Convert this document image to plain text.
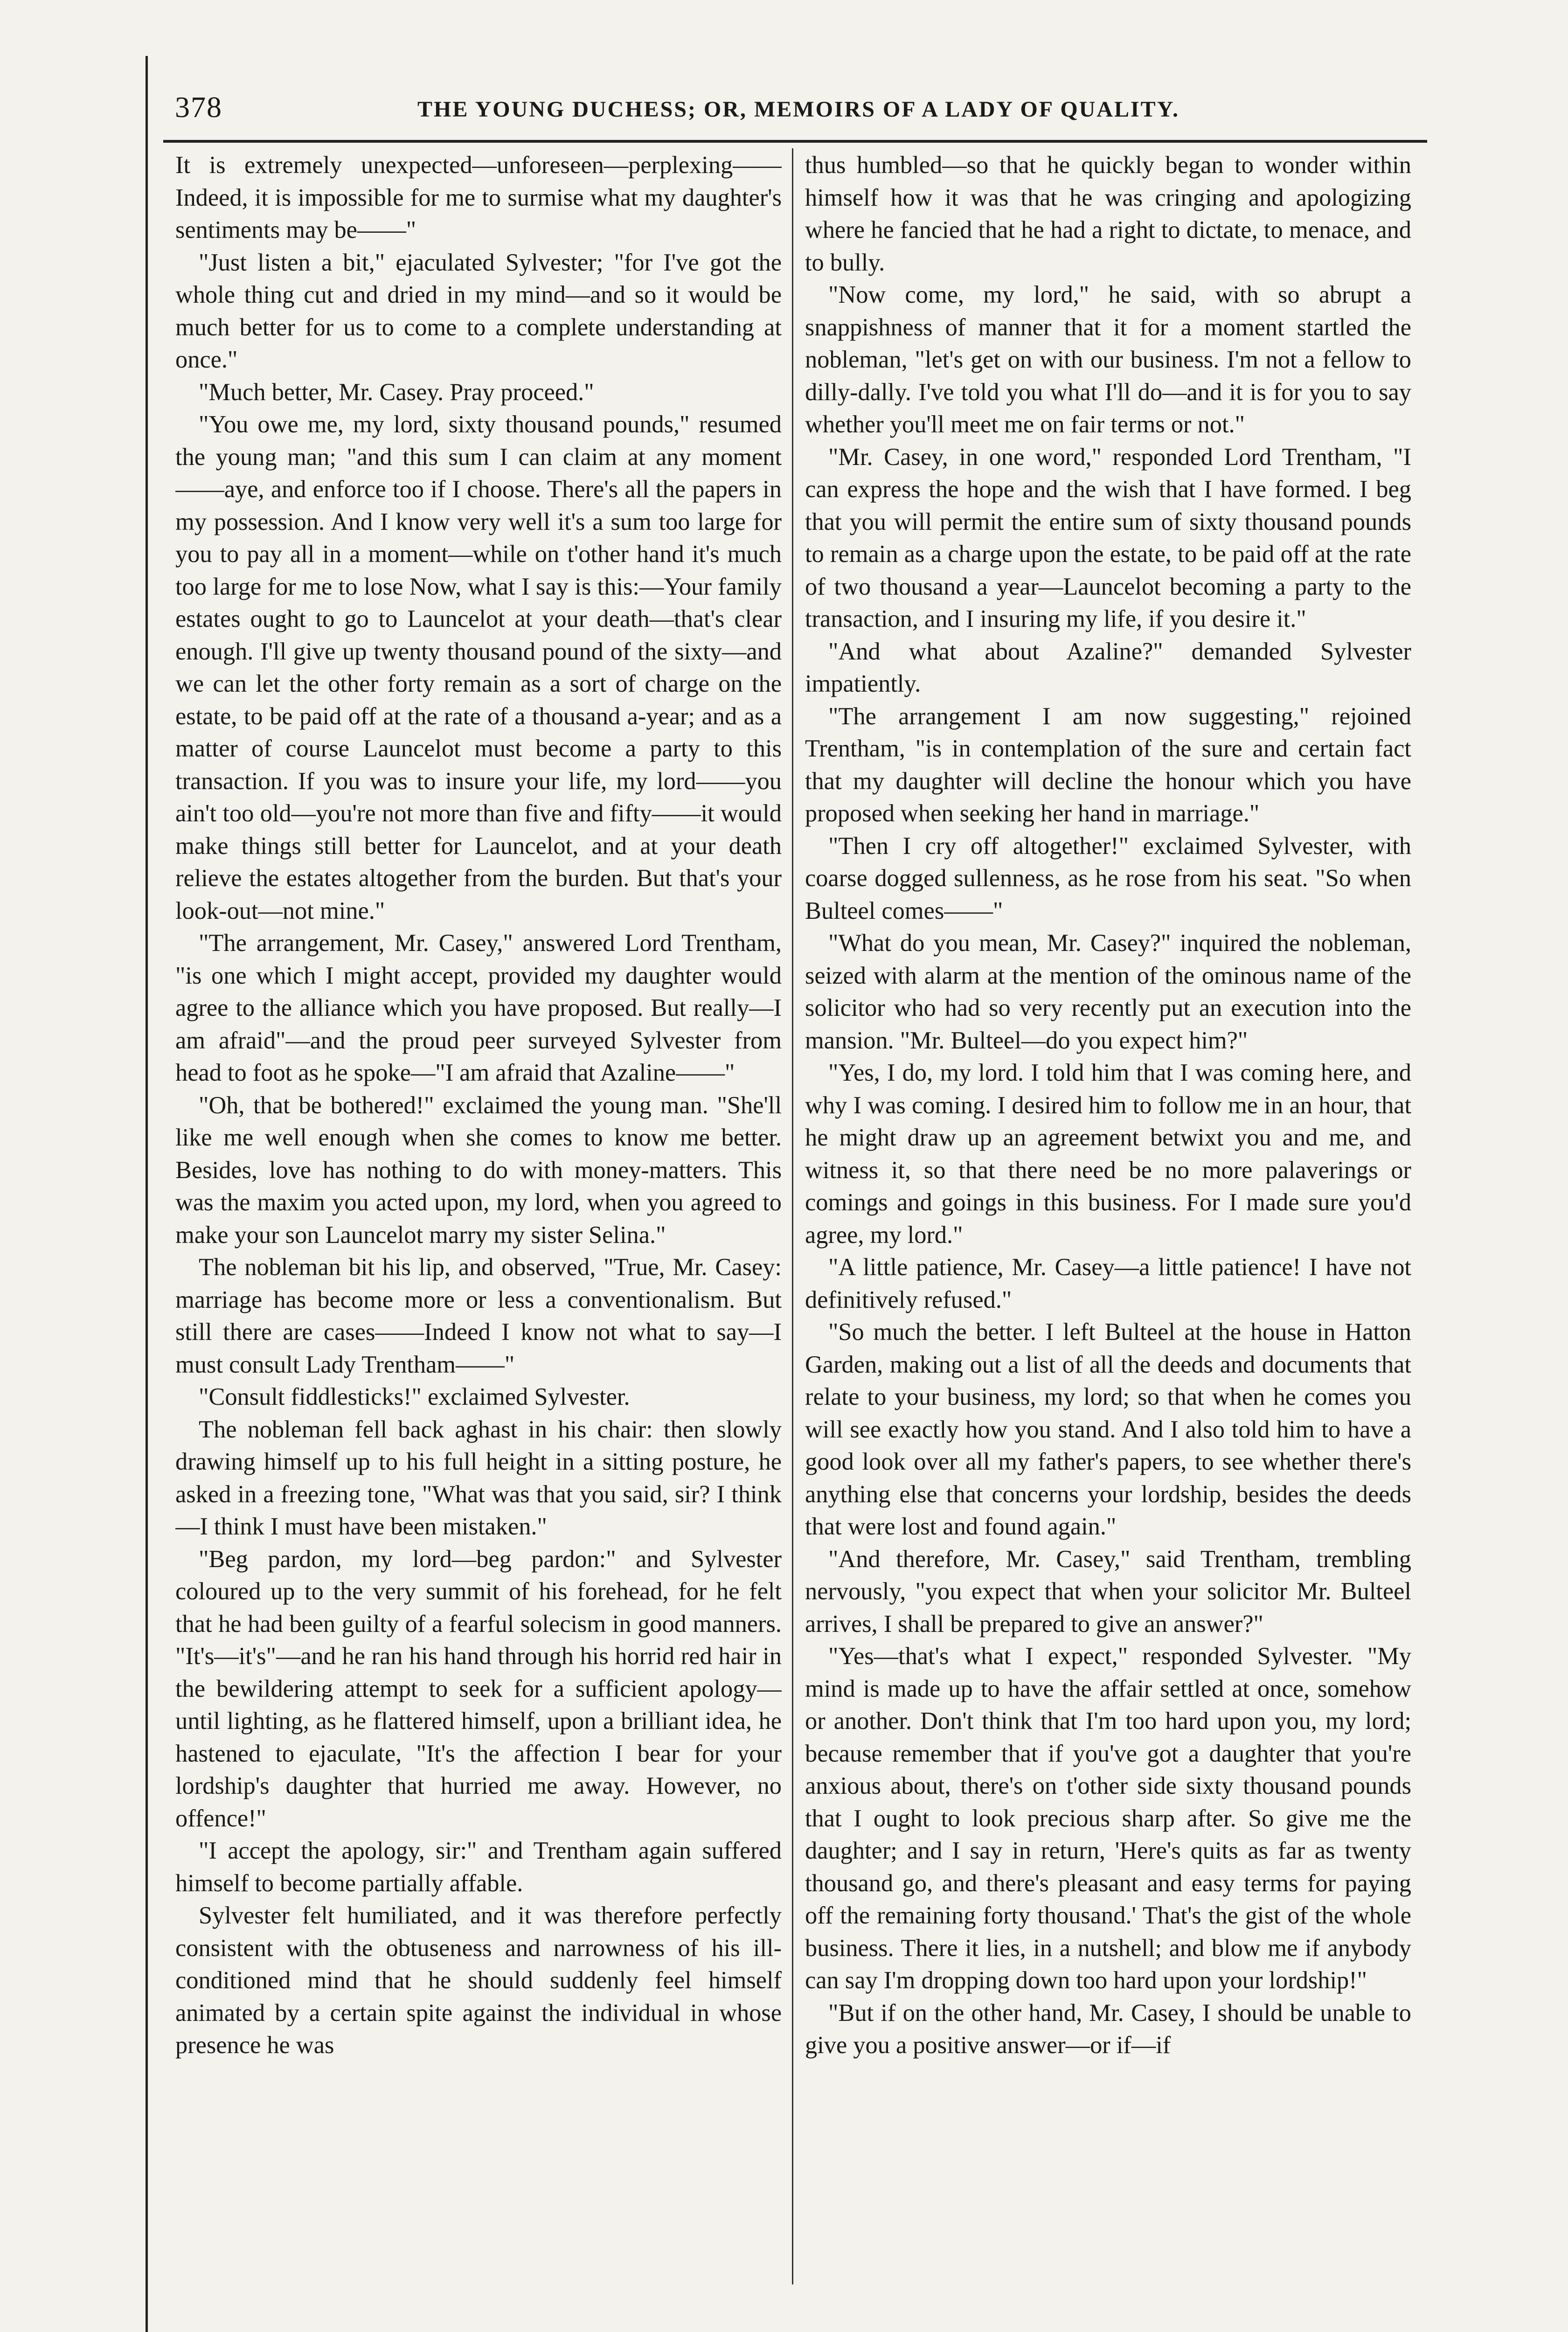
378	THE YOUNG DUCHESS; OR, MEMOIRS OF A LADY OF QUALITY.

It is extremely unexpected—unforeseen—perplexing——Indeed, it is impossible for me to surmise what my daughter's sentiments may be——"

"Just listen a bit," ejaculated Sylvester; "for I've got the whole thing cut and dried in my mind—and so it would be much better for us to come to a complete understanding at once."

"Much better, Mr. Casey. Pray proceed."

"You owe me, my lord, sixty thousand pounds," resumed the young man; "and this sum I can claim at any moment——aye, and enforce too if I choose. There's all the papers in my possession. And I know very well it's a sum too large for you to pay all in a moment—while on t'other hand it's much too large for me to lose Now, what I say is this:—Your family estates ought to go to Launcelot at your death—that's clear enough. I'll give up twenty thousand pound of the sixty—and we can let the other forty remain as a sort of charge on the estate, to be paid off at the rate of a thousand a-year; and as a matter of course Launcelot must become a party to this transaction. If you was to insure your life, my lord——you ain't too old—you're not more than five and fifty——it would make things still better for Launcelot, and at your death relieve the estates altogether from the burden. But that's your look-out—not mine."

"The arrangement, Mr. Casey," answered Lord Trentham, "is one which I might accept, provided my daughter would agree to the alliance which you have proposed. But really—I am afraid"—and the proud peer surveyed Sylvester from head to foot as he spoke—"I am afraid that Azaline——"

"Oh, that be bothered!" exclaimed the young man. "She'll like me well enough when she comes to know me better. Besides, love has nothing to do with money-matters. This was the maxim you acted upon, my lord, when you agreed to make your son Launcelot marry my sister Selina."

The nobleman bit his lip, and observed, "True, Mr. Casey: marriage has become more or less a conventionalism. But still there are cases——Indeed I know not what to say—I must consult Lady Trentham——"

"Consult fiddlesticks!" exclaimed Sylvester.

The nobleman fell back aghast in his chair: then slowly drawing himself up to his full height in a sitting posture, he asked in a freezing tone, "What was that you said, sir? I think—I think I must have been mistaken."

"Beg pardon, my lord—beg pardon:" and Sylvester coloured up to the very summit of his forehead, for he felt that he had been guilty of a fearful solecism in good manners. "It's—it's"—and he ran his hand through his horrid red hair in the bewildering attempt to seek for a sufficient apology—until lighting, as he flattered himself, upon a brilliant idea, he hastened to ejaculate, "It's the affection I bear for your lordship's daughter that hurried me away. However, no offence!"

"I accept the apology, sir:" and Trentham again suffered himself to become partially affable.

Sylvester felt humiliated, and it was therefore perfectly consistent with the obtuseness and narrowness of his ill-conditioned mind that he should suddenly feel himself animated by a certain spite against the individual in whose presence he was

thus humbled—so that he quickly began to wonder within himself how it was that he was cringing and apologizing where he fancied that he had a right to dictate, to menace, and to bully.

"Now come, my lord," he said, with so abrupt a snappishness of manner that it for a moment startled the nobleman, "let's get on with our business. I'm not a fellow to dilly-dally. I've told you what I'll do—and it is for you to say whether you'll meet me on fair terms or not."

"Mr. Casey, in one word," responded Lord Trentham, "I can express the hope and the wish that I have formed. I beg that you will permit the entire sum of sixty thousand pounds to remain as a charge upon the estate, to be paid off at the rate of two thousand a year—Launcelot becoming a party to the transaction, and I insuring my life, if you desire it."

"And what about Azaline?" demanded Sylvester impatiently.

"The arrangement I am now suggesting," rejoined Trentham, "is in contemplation of the sure and certain fact that my daughter will decline the honour which you have proposed when seeking her hand in marriage."

"Then I cry off altogether!" exclaimed Sylvester, with coarse dogged sullenness, as he rose from his seat. "So when Bulteel comes——"

"What do you mean, Mr. Casey?" inquired the nobleman, seized with alarm at the mention of the ominous name of the solicitor who had so very recently put an execution into the mansion. "Mr. Bulteel—do you expect him?"

"Yes, I do, my lord. I told him that I was coming here, and why I was coming. I desired him to follow me in an hour, that he might draw up an agreement betwixt you and me, and witness it, so that there need be no more palaverings or comings and goings in this business. For I made sure you'd agree, my lord."

"A little patience, Mr. Casey—a little patience! I have not definitively refused."

"So much the better. I left Bulteel at the house in Hatton Garden, making out a list of all the deeds and documents that relate to your business, my lord; so that when he comes you will see exactly how you stand. And I also told him to have a good look over all my father's papers, to see whether there's anything else that concerns your lordship, besides the deeds that were lost and found again."

"And therefore, Mr. Casey," said Trentham, trembling nervously, "you expect that when your solicitor Mr. Bulteel arrives, I shall be prepared to give an answer?"

"Yes—that's what I expect," responded Sylvester. "My mind is made up to have the affair settled at once, somehow or another. Don't think that I'm too hard upon you, my lord; because remember that if you've got a daughter that you're anxious about, there's on t'other side sixty thousand pounds that I ought to look precious sharp after. So give me the daughter; and I say in return, 'Here's quits as far as twenty thousand go, and there's pleasant and easy terms for paying off the remaining forty thousand.' That's the gist of the whole business. There it lies, in a nutshell; and blow me if anybody can say I'm dropping down too hard upon your lordship!"

"But if on the other hand, Mr. Casey, I should be unable to give you a positive answer—or if—if
